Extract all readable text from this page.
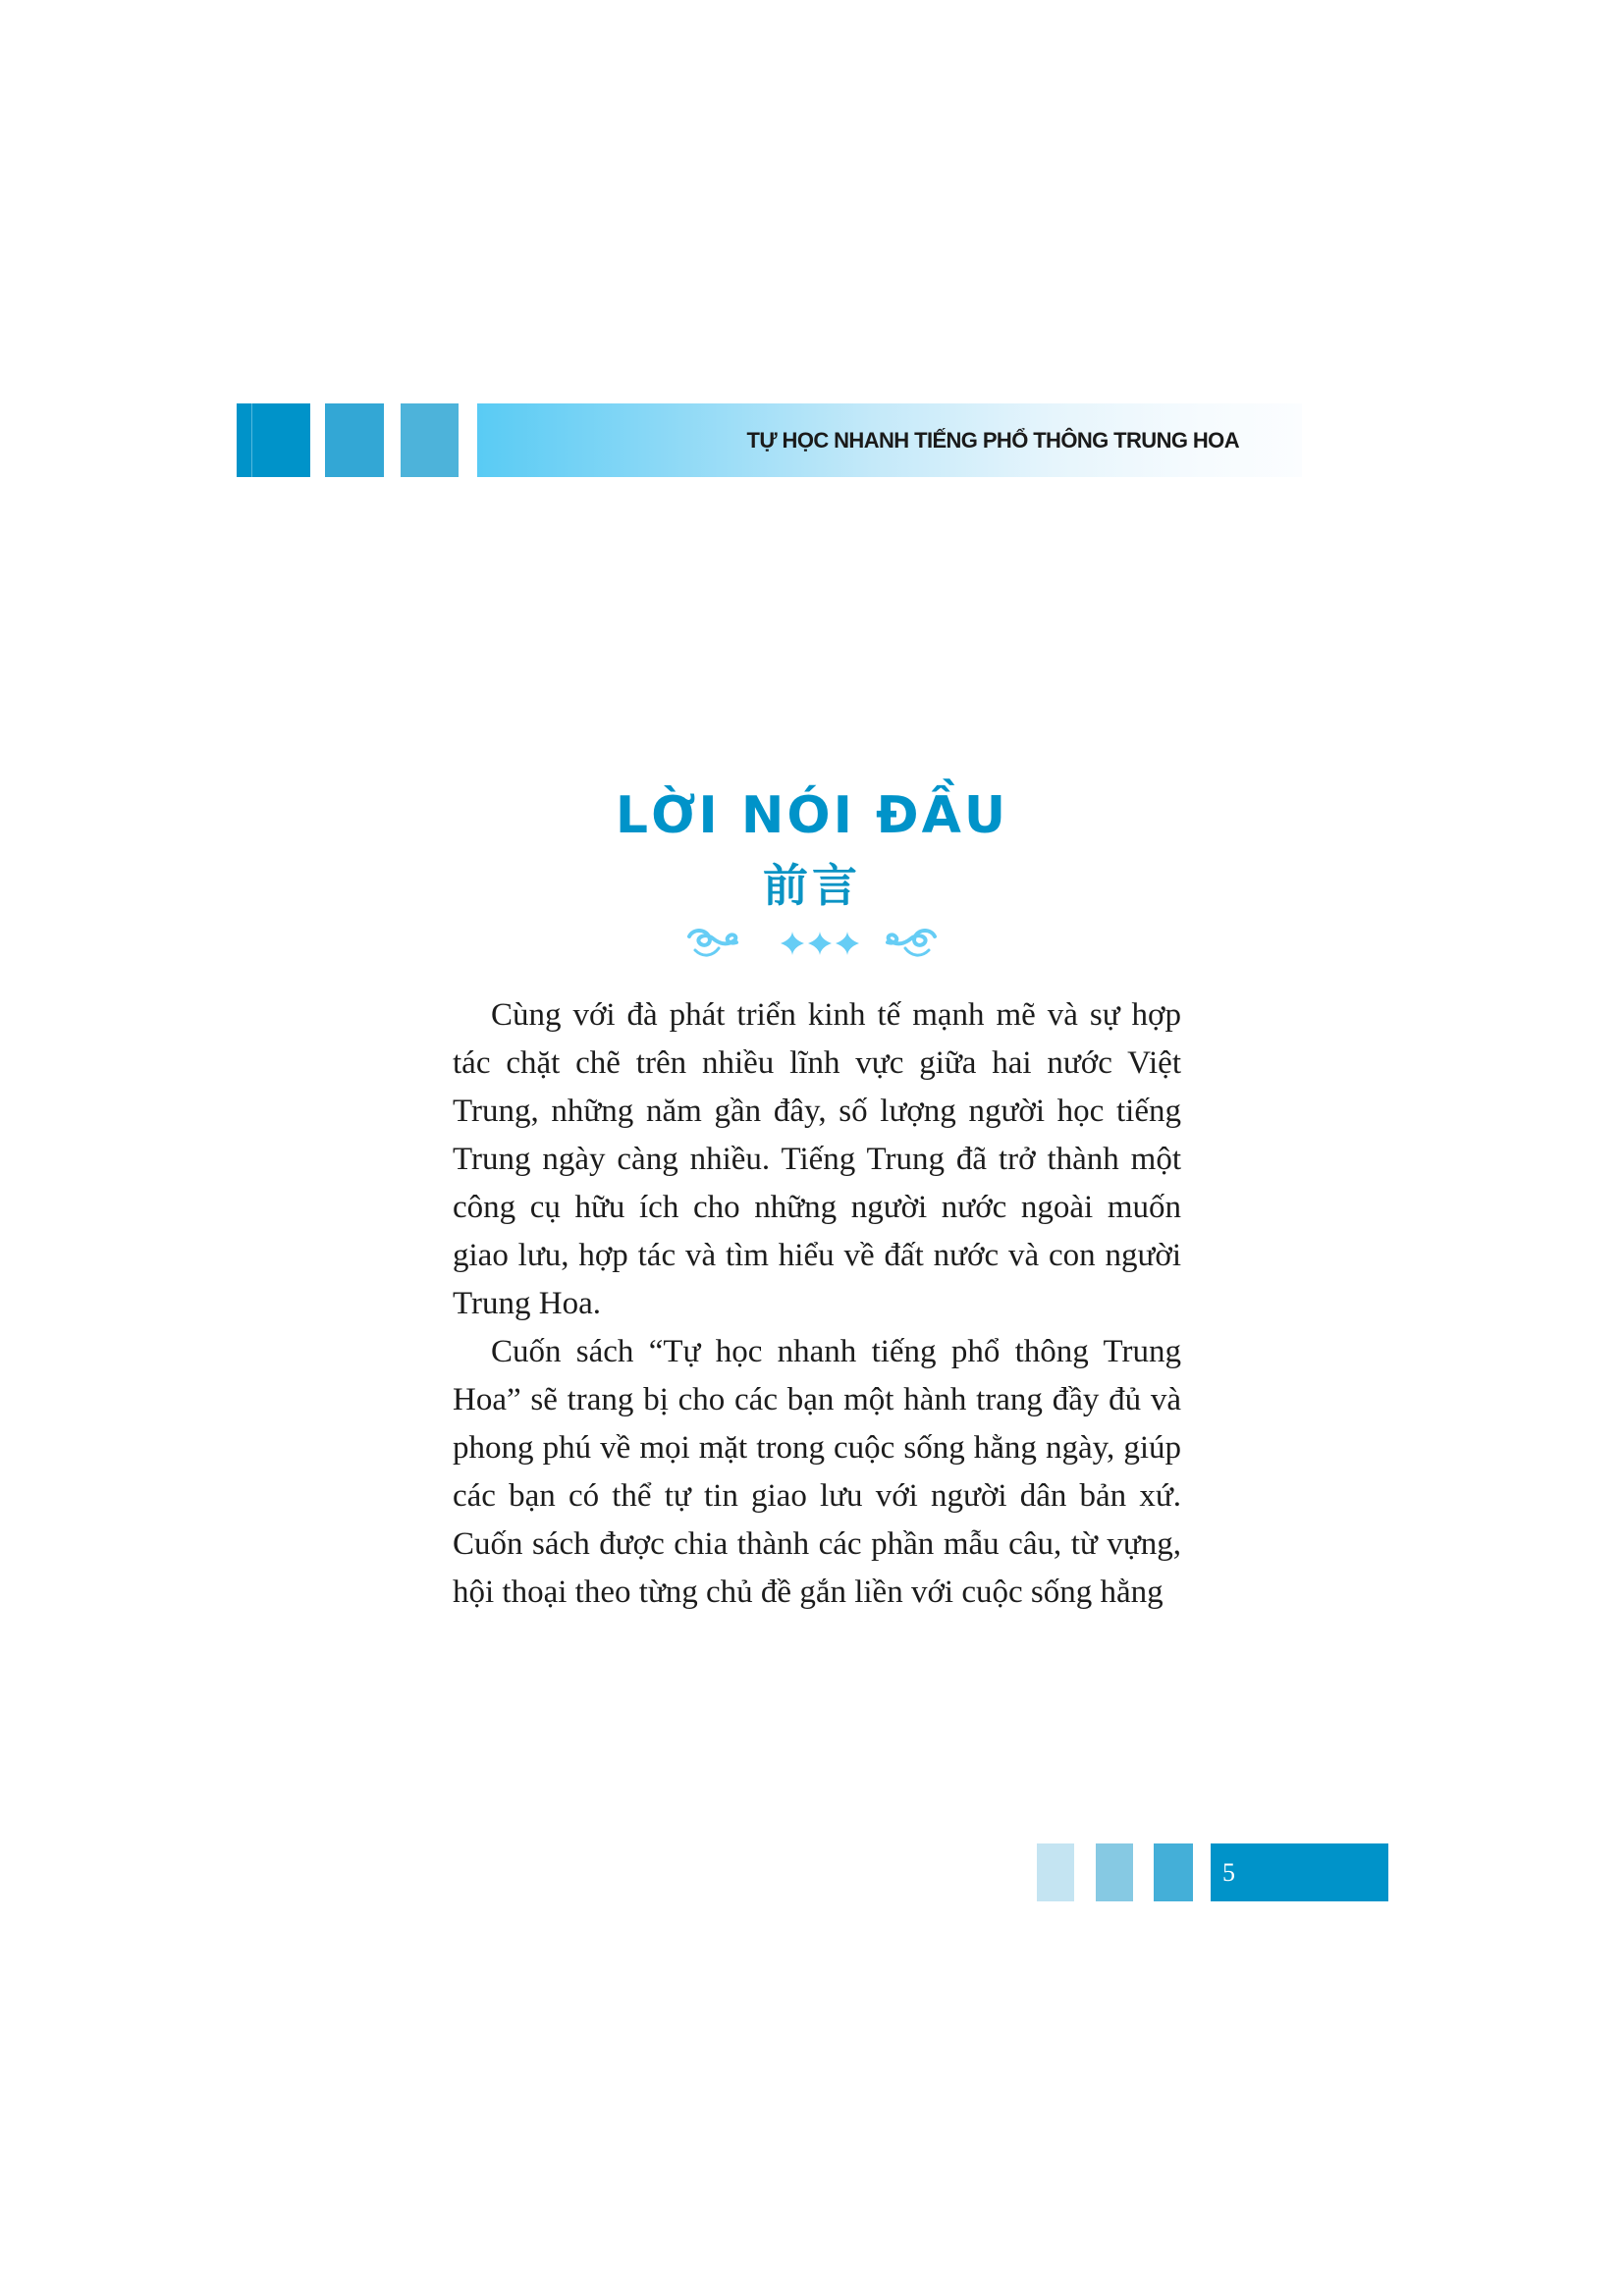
TỰ HỌC NHANH TIẾNG PHỔ THÔNG TRUNG HOA
LỜI NÓI ĐẦU
前言

Cùng với đà phát triển kinh tế mạnh mẽ và sự hợp tác chặt chẽ trên nhiều lĩnh vực giữa hai nước Việt Trung, những năm gần đây, số lượng người học tiếng Trung ngày càng nhiều. Tiếng Trung đã trở thành một công cụ hữu ích cho những người nước ngoài muốn giao lưu, hợp tác và tìm hiểu về đất nước và con người Trung Hoa.

Cuốn sách “Tự học nhanh tiếng phổ thông Trung Hoa” sẽ trang bị cho các bạn một hành trang đầy đủ và phong phú về mọi mặt trong cuộc sống hằng ngày, giúp các bạn có thể tự tin giao lưu với người dân bản xứ. Cuốn sách được chia thành các phần mẫu câu, từ vựng, hội thoại theo từng chủ đề gắn liền với cuộc sống hằng

5
